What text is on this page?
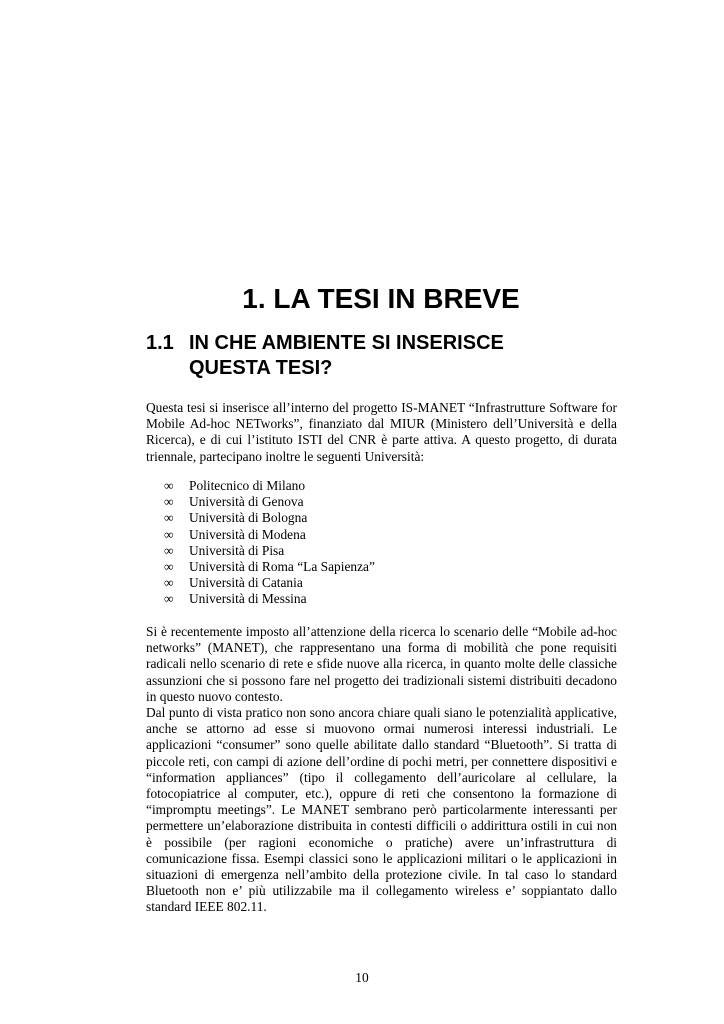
1. LA TESI IN BREVE
1.1 IN CHE AMBIENTE SI INSERISCE
QUESTA TESI?

Questa tesi si inserisce all’interno del progetto IS-MANET “Infrastrutture Software for Mobile Ad-hoc NETworks”, finanziato dal MIUR (Ministero dell’Università e della Ricerca), e di cui l’istituto ISTI del CNR è parte attiva. A questo progetto, di durata triennale, partecipano inoltre le seguenti Università:

∞ Politecnico di Milano
∞ Università di Genova
∞ Università di Bologna
∞ Università di Modena
∞ Università di Pisa
∞ Università di Roma “La Sapienza”
∞ Università di Catania
∞ Università di Messina

Si è recentemente imposto all’attenzione della ricerca lo scenario delle “Mobile ad-hoc networks” (MANET), che rappresentano una forma di mobilità che pone requisiti radicali nello scenario di rete e sfide nuove alla ricerca, in quanto molte delle classiche assunzioni che si possono fare nel progetto dei tradizionali sistemi distribuiti decadono in questo nuovo contesto.

Dal punto di vista pratico non sono ancora chiare quali siano le potenzialità applicative, anche se attorno ad esse si muovono ormai numerosi interessi industriali. Le applicazioni “consumer” sono quelle abilitate dallo standard “Bluetooth”. Si tratta di piccole reti, con campi di azione dell’ordine di pochi metri, per connettere dispositivi e “information appliances” (tipo il collegamento dell’auricolare al cellulare, la fotocopiatrice al computer, etc.), oppure di reti che consentono la formazione di “impromptu meetings”. Le MANET sembrano però particolarmente interessanti per permettere un’elaborazione distribuita in contesti difficili o addirittura ostili in cui non è possibile (per ragioni economiche o pratiche) avere un’infrastruttura di comunicazione fissa. Esempi classici sono le applicazioni militari o le applicazioni in situazioni di emergenza nell’ambito della protezione civile. In tal caso lo standard Bluetooth non e’ più utilizzabile ma il collegamento wireless e’ soppiantato dallo standard IEEE 802.11.

10
